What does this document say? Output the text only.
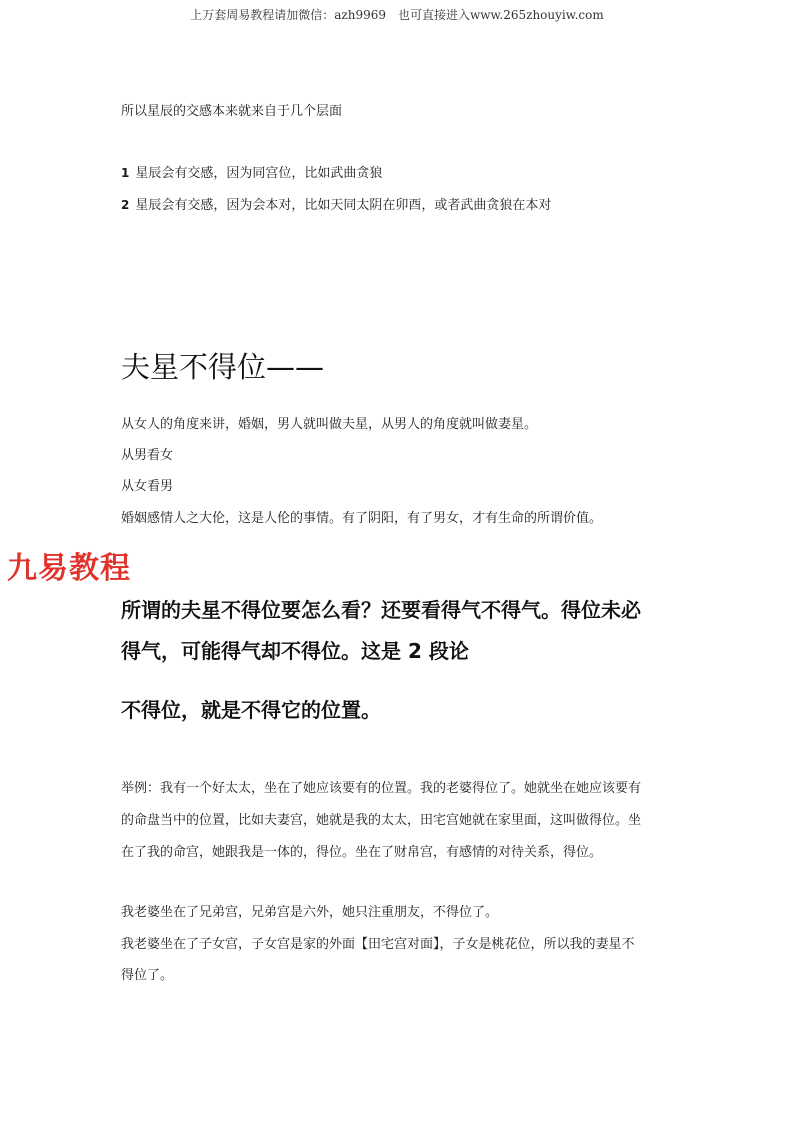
上万套周易教程请加微信：azh9969　也可直接进入www.265zhouyiw.com
所以星辰的交感本来就来自于几个层面
1 星辰会有交感，因为同宫位，比如武曲贪狼
2 星辰会有交感，因为会本对，比如天同太阴在卯酉，或者武曲贪狼在本对
夫星不得位——
从女人的角度来讲，婚姻，男人就叫做夫星，从男人的角度就叫做妻星。
从男看女
从女看男
婚姻感情人之大伦，这是人伦的事情。有了阴阳，有了男女，才有生命的所谓价值。
九易教程
所谓的夫星不得位要怎么看？还要看得气不得气。得位未必
得气，可能得气却不得位。这是 2 段论
不得位，就是不得它的位置。
举例：我有一个好太太，坐在了她应该要有的位置。我的老婆得位了。她就坐在她应该要有
的命盘当中的位置，比如夫妻宫，她就是我的太太，田宅宫她就在家里面，这叫做得位。坐
在了我的命宫，她跟我是一体的，得位。坐在了财帛宫，有感情的对待关系，得位。
我老婆坐在了兄弟宫，兄弟宫是六外，她只注重朋友，不得位了。
我老婆坐在了子女宫，子女宫是家的外面【田宅宫对面】，子女是桃花位，所以我的妻星不
得位了。
